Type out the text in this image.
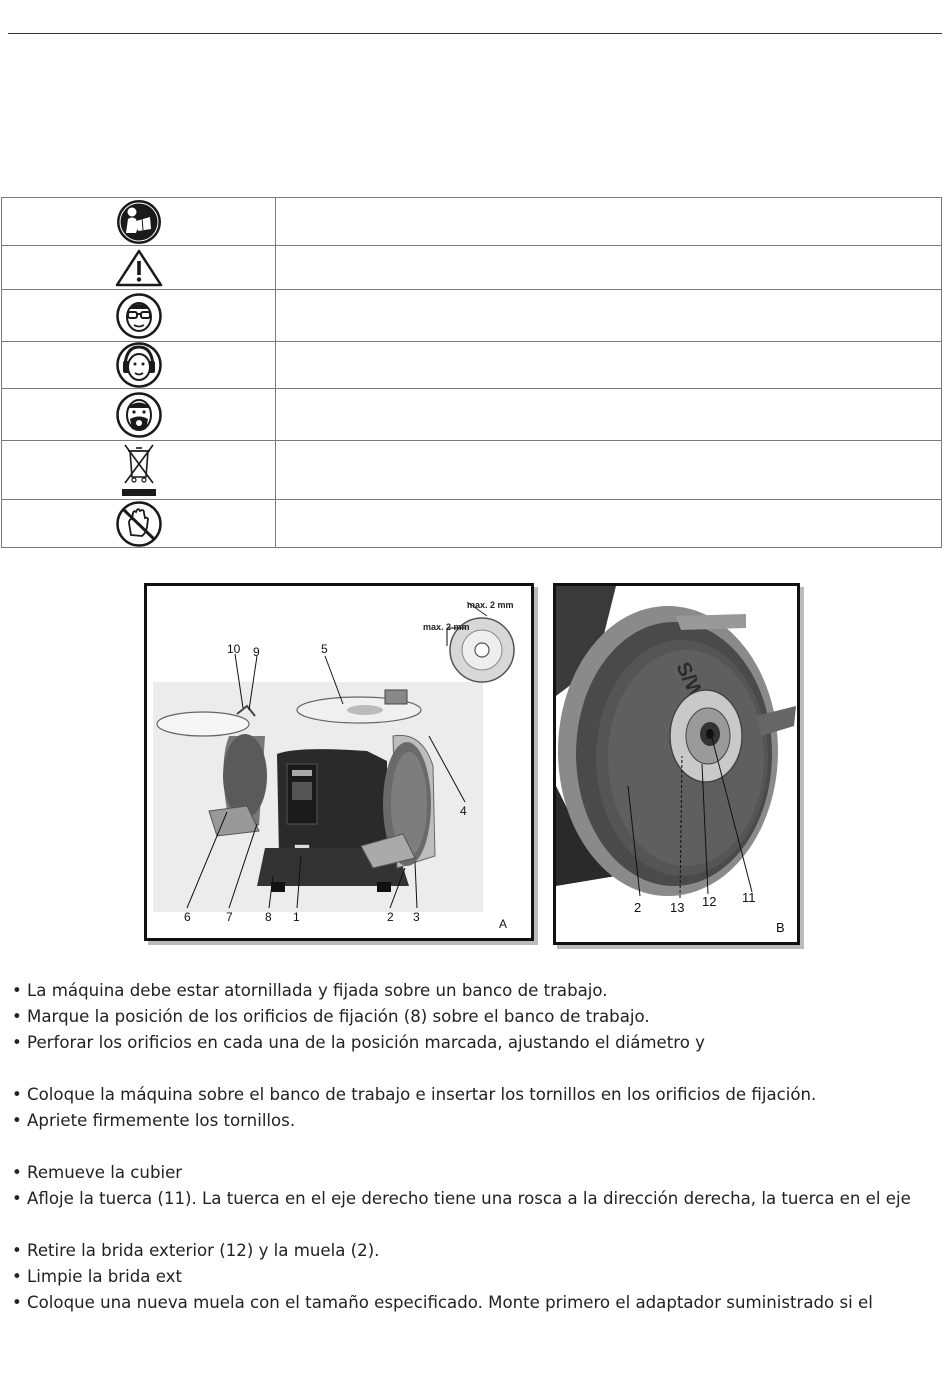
max. 2 mm
max. 2 mm
10 9	5
4
6	7	8 1	2 3	A
2 13 12 11
B

• La máquina debe estar atornillada y fijada sobre un banco de trabajo.

• Marque la posición de los orificios de fijación (8) sobre el banco de trabajo.

• Perforar los orificios en cada una de la posición marcada, ajustando el diámetro y

• Coloque la máquina sobre el banco de trabajo e insertar los tornillos en los orificios de fijación.

• Apriete firmemente los tornillos.

• Remueve la cubier

• Afloje la tuerca (11). La tuerca en el eje derecho tiene una rosca a la dirección derecha, la tuerca en el eje

• Retire la brida exterior (12) y la muela (2).

• Limpie la brida ext

• Coloque una nueva muela con el tamaño especificado. Monte primero el adaptador suministrado si el
